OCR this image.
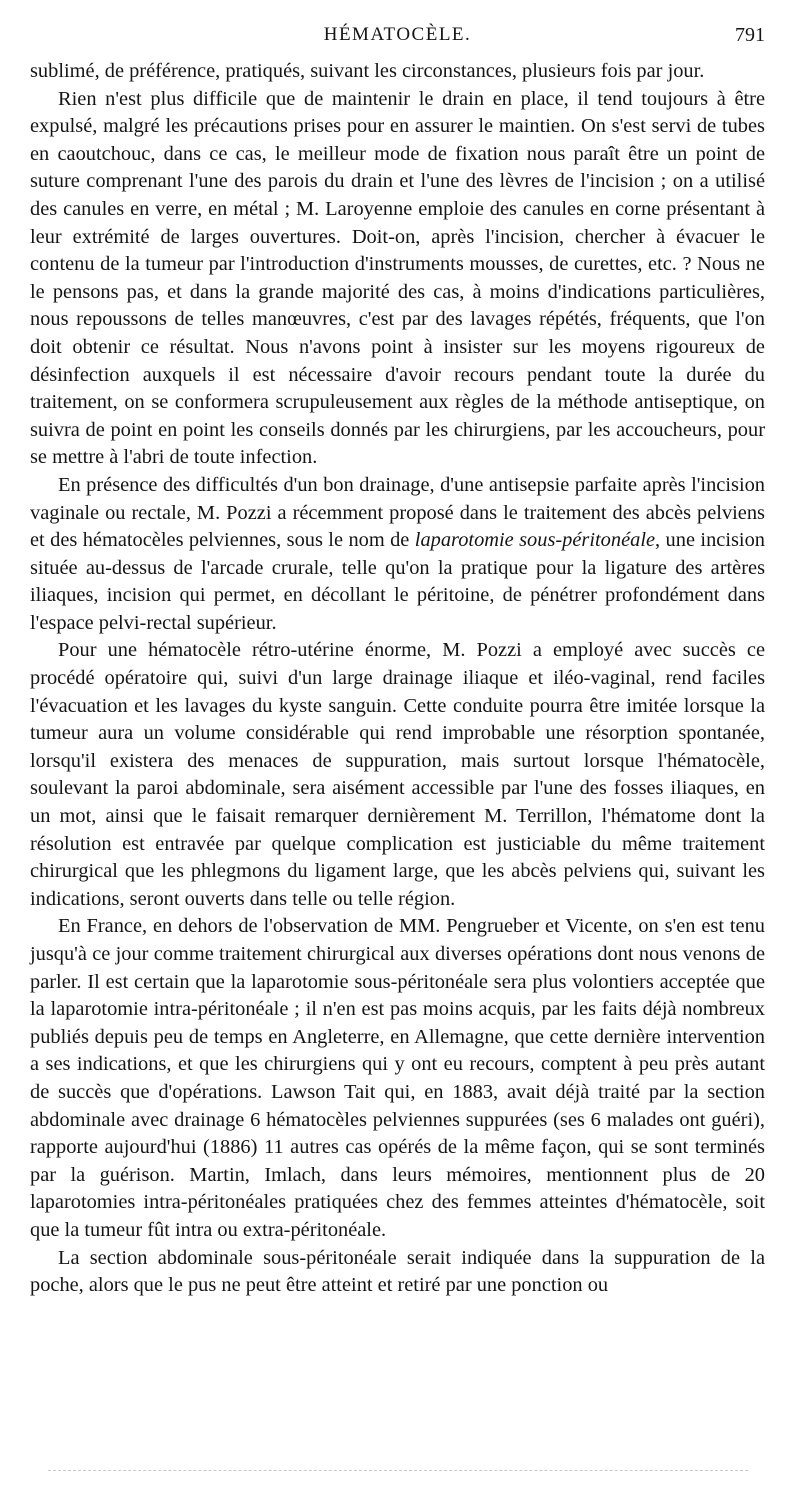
HÉMATOCÈLE.	791

sublimé, de préférence, pratiqués, suivant les circonstances, plusieurs fois par jour.

Rien n'est plus difficile que de maintenir le drain en place, il tend toujours à être expulsé, malgré les précautions prises pour en assurer le maintien. On s'est servi de tubes en caoutchouc, dans ce cas, le meilleur mode de fixation nous paraît être un point de suture comprenant l'une des parois du drain et l'une des lèvres de l'incision ; on a utilisé des canules en verre, en métal ; M. Laroyenne emploie des canules en corne présentant à leur extrémité de larges ouvertures. Doit-on, après l'incision, chercher à évacuer le contenu de la tumeur par l'introduction d'instruments mousses, de curettes, etc. ? Nous ne le pensons pas, et dans la grande majorité des cas, à moins d'indications particulières, nous repoussons de telles manœuvres, c'est par des lavages répétés, fréquents, que l'on doit obtenir ce résultat. Nous n'avons point à insister sur les moyens rigoureux de désinfection auxquels il est nécessaire d'avoir recours pendant toute la durée du traitement, on se conformera scrupuleusement aux règles de la méthode antiseptique, on suivra de point en point les conseils donnés par les chirurgiens, par les accoucheurs, pour se mettre à l'abri de toute infection.

En présence des difficultés d'un bon drainage, d'une antisepsie parfaite après l'incision vaginale ou rectale, M. Pozzi a récemment proposé dans le traitement des abcès pelviens et des hématocèles pelviennes, sous le nom de laparotomie sous-péritonéale, une incision située au-dessus de l'arcade crurale, telle qu'on la pratique pour la ligature des artères iliaques, incision qui permet, en décollant le péritoine, de pénétrer profondément dans l'espace pelvi-rectal supérieur.

Pour une hématocèle rétro-utérine énorme, M. Pozzi a employé avec succès ce procédé opératoire qui, suivi d'un large drainage iliaque et iléo-vaginal, rend faciles l'évacuation et les lavages du kyste sanguin. Cette conduite pourra être imitée lorsque la tumeur aura un volume considérable qui rend improbable une résorption spontanée, lorsqu'il existera des menaces de suppuration, mais surtout lorsque l'hématocèle, soulevant la paroi abdominale, sera aisément accessible par l'une des fosses iliaques, en un mot, ainsi que le faisait remarquer dernièrement M. Terrillon, l'hématome dont la résolution est entravée par quelque complication est justiciable du même traitement chirurgical que les phlegmons du ligament large, que les abcès pelviens qui, suivant les indications, seront ouverts dans telle ou telle région.

En France, en dehors de l'observation de MM. Pengrueber et Vicente, on s'en est tenu jusqu'à ce jour comme traitement chirurgical aux diverses opérations dont nous venons de parler. Il est certain que la laparotomie sous-péritonéale sera plus volontiers acceptée que la laparotomie intra-péritonéale ; il n'en est pas moins acquis, par les faits déjà nombreux publiés depuis peu de temps en Angleterre, en Allemagne, que cette dernière intervention a ses indications, et que les chirurgiens qui y ont eu recours, comptent à peu près autant de succès que d'opérations. Lawson Tait qui, en 1883, avait déjà traité par la section abdominale avec drainage 6 hématocèles pelviennes suppurées (ses 6 malades ont guéri), rapporte aujourd'hui (1886) 11 autres cas opérés de la même façon, qui se sont terminés par la guérison. Martin, Imlach, dans leurs mémoires, mentionnent plus de 20 laparotomies intra-péritonéales pratiquées chez des femmes atteintes d'hématocèle, soit que la tumeur fût intra ou extra-péritonéale.

La section abdominale sous-péritonéale serait indiquée dans la suppuration de la poche, alors que le pus ne peut être atteint et retiré par une ponction ou
